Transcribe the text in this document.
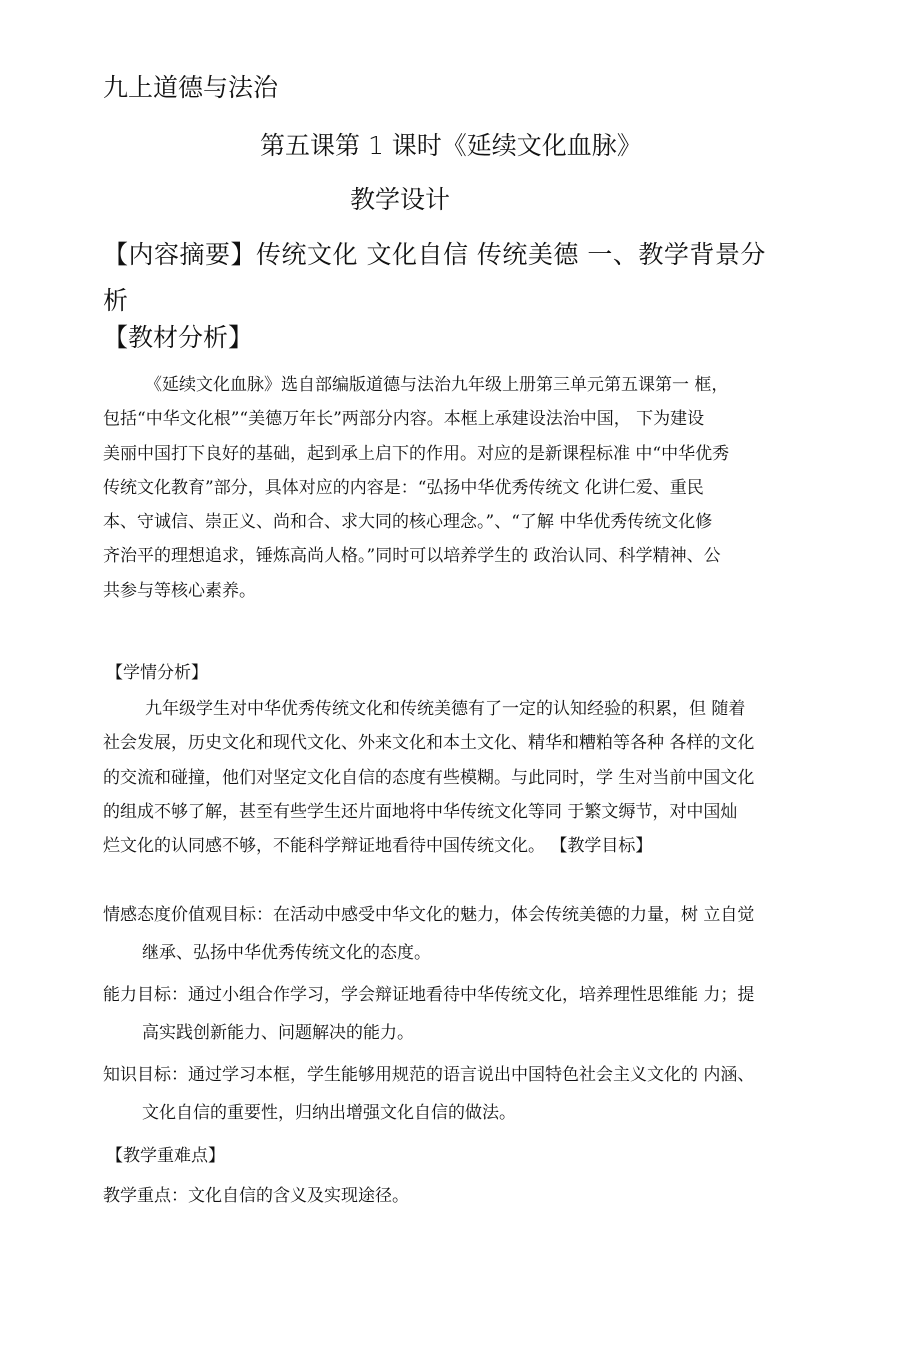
九上道德与法治

第五课第 1 课时《延续文化血脉》

教学设计

【内容摘要】传统文化 文化自信 传统美德 一、教学背景分
析

【教材分析】

《延续文化血脉》选自部编版道德与法治九年级上册第三单元第五课第一 框，
包括“中华文化根”“美德万年长”两部分内容。本框上承建设法治中国， 下为建设
美丽中国打下良好的基础，起到承上启下的作用。对应的是新课程标准 中“中华优秀
传统文化教育”部分，具体对应的内容是：“弘扬中华优秀传统文 化讲仁爱、重民
本、守诚信、崇正义、尚和合、求大同的核心理念。”、“了解 中华优秀传统文化修
齐治平的理想追求，锤炼高尚人格。”同时可以培养学生的 政治认同、科学精神、公
共参与等核心素养。

【学情分析】

九年级学生对中华优秀传统文化和传统美德有了一定的认知经验的积累，但 随着
社会发展，历史文化和现代文化、外来文化和本土文化、精华和糟粕等各种 各样的文化
的交流和碰撞，他们对坚定文化自信的态度有些模糊。与此同时，学 生对当前中国文化
的组成不够了解，甚至有些学生还片面地将中华传统文化等同 于繁文缛节，对中国灿
烂文化的认同感不够，不能科学辩证地看待中国传统文化。 【教学目标】
情感态度价值观目标：在活动中感受中华文化的魅力，体会传统美德的力量，树 立自觉
继承、弘扬中华优秀传统文化的态度。
能力目标：通过小组合作学习，学会辩证地看待中华传统文化，培养理性思维能 力；提
高实践创新能力、问题解决的能力。
知识目标：通过学习本框，学生能够用规范的语言说出中国特色社会主义文化的 内涵、
文化自信的重要性，归纳出增强文化自信的做法。

【教学重难点】

教学重点：文化自信的含义及实现途径。
